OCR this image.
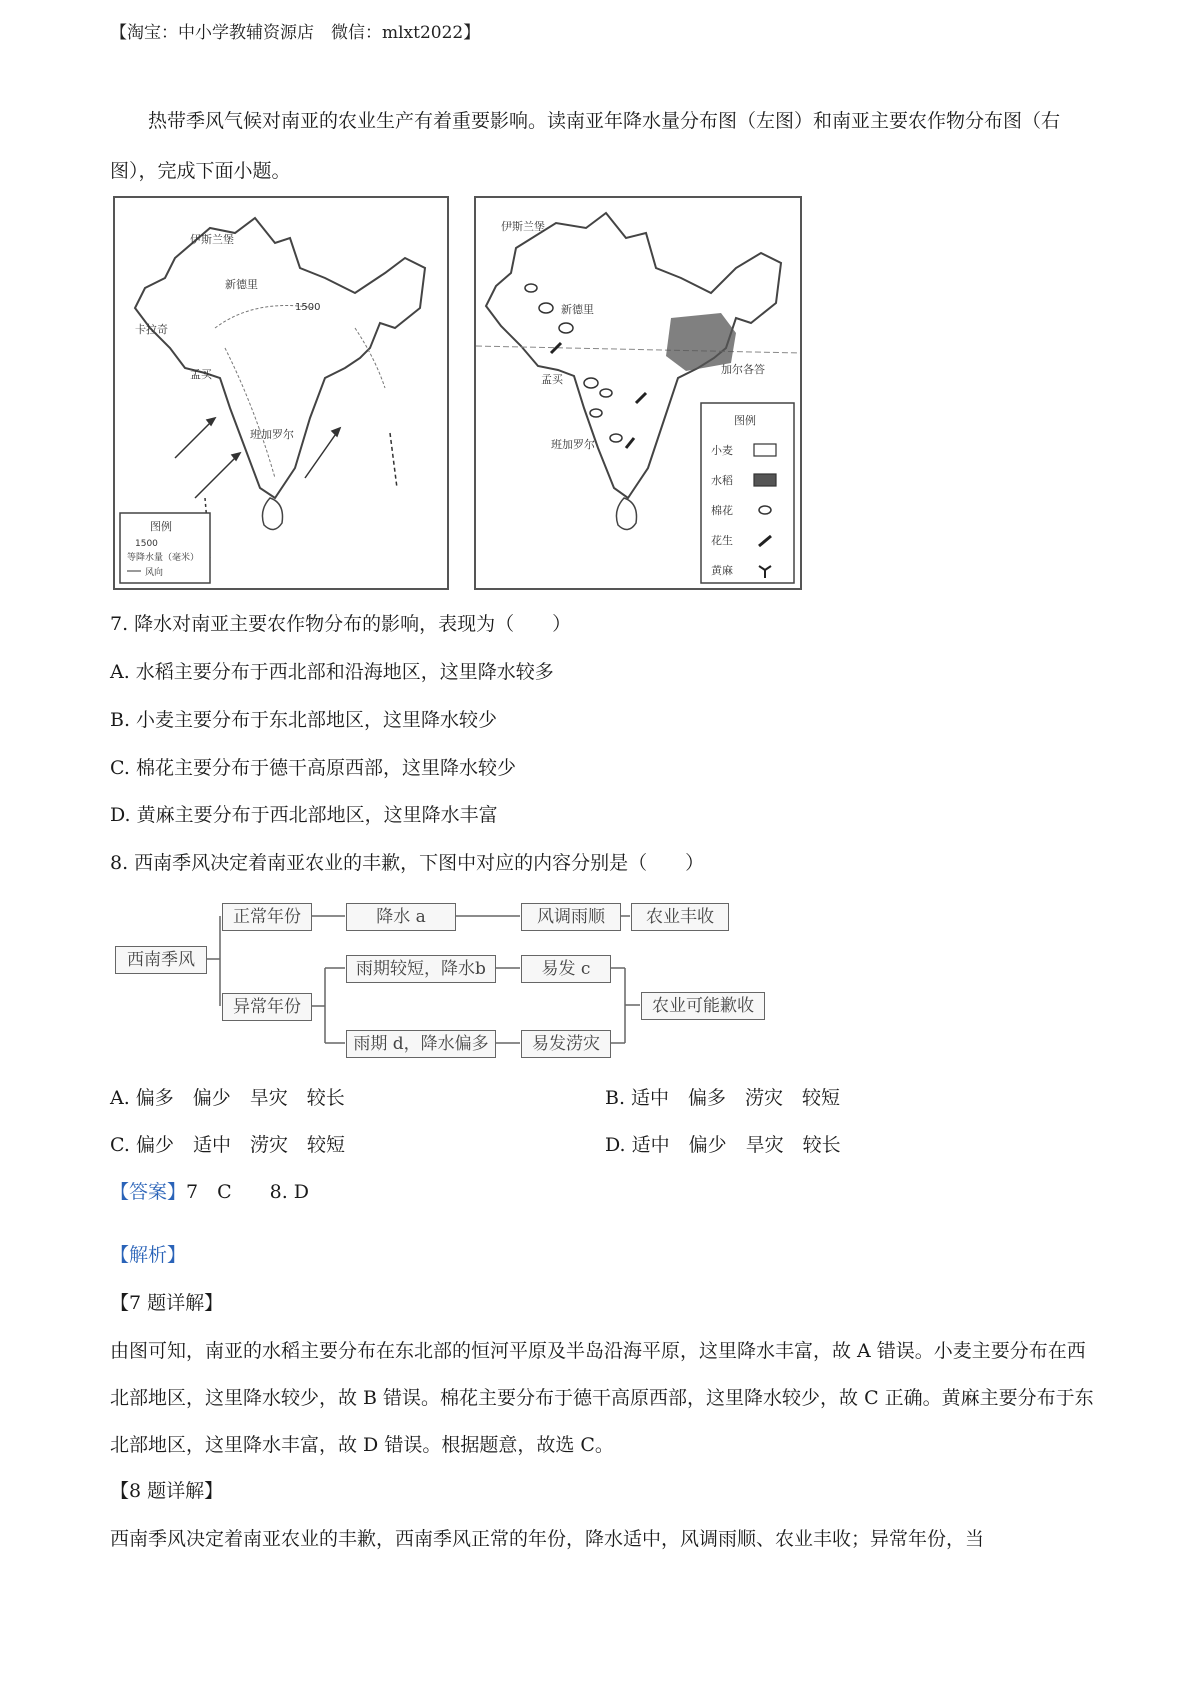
【淘宝：中小学教辅资源店　微信：mlxt2022】
热带季风气候对南亚的农业生产有着重要影响。读南亚年降水量分布图（左图）和南亚主要农作物分布图（右图），完成下面小题。
伊斯兰堡
新德里
卡拉奇
孟买
班加罗尔
1500
图例
1500
等降水量（毫米）
风向
伊斯兰堡
新德里
孟买
班加罗尔
加尔各答
图例
小麦
水稻
棉花
花生
黄麻
7. 降水对南亚主要农作物分布的影响，表现为（　　）
A. 水稻主要分布于西北部和沿海地区，这里降水较多
B. 小麦主要分布于东北部地区，这里降水较少
C. 棉花主要分布于德干高原西部，这里降水较少
D. 黄麻主要分布于西北部地区，这里降水丰富
8. 西南季风决定着南亚农业的丰歉，下图中对应的内容分别是（　　）
西南季风
正常年份	降水 a	风调雨顺	农业丰收
异常年份
雨期较短，降水b	易发 c
雨期 d，降水偏多	易发涝灾
农业可能歉收
A. 偏多　偏少　旱灾　较长	B. 适中　偏多　涝灾　较短
C. 偏少　适中　涝灾　较短	D. 适中　偏少　旱灾　较长
【答案】7　C　　8. D
【解析】
【7 题详解】
由图可知，南亚的水稻主要分布在东北部的恒河平原及半岛沿海平原，这里降水丰富，故 A 错误。小麦主要分布在西北部地区，这里降水较少，故 B 错误。棉花主要分布于德干高原西部，这里降水较少，故 C 正确。黄麻主要分布于东北部地区，这里降水丰富，故 D 错误。根据题意，故选 C。
【8 题详解】
西南季风决定着南亚农业的丰歉，西南季风正常的年份，降水适中，风调雨顺、农业丰收；异常年份，当
